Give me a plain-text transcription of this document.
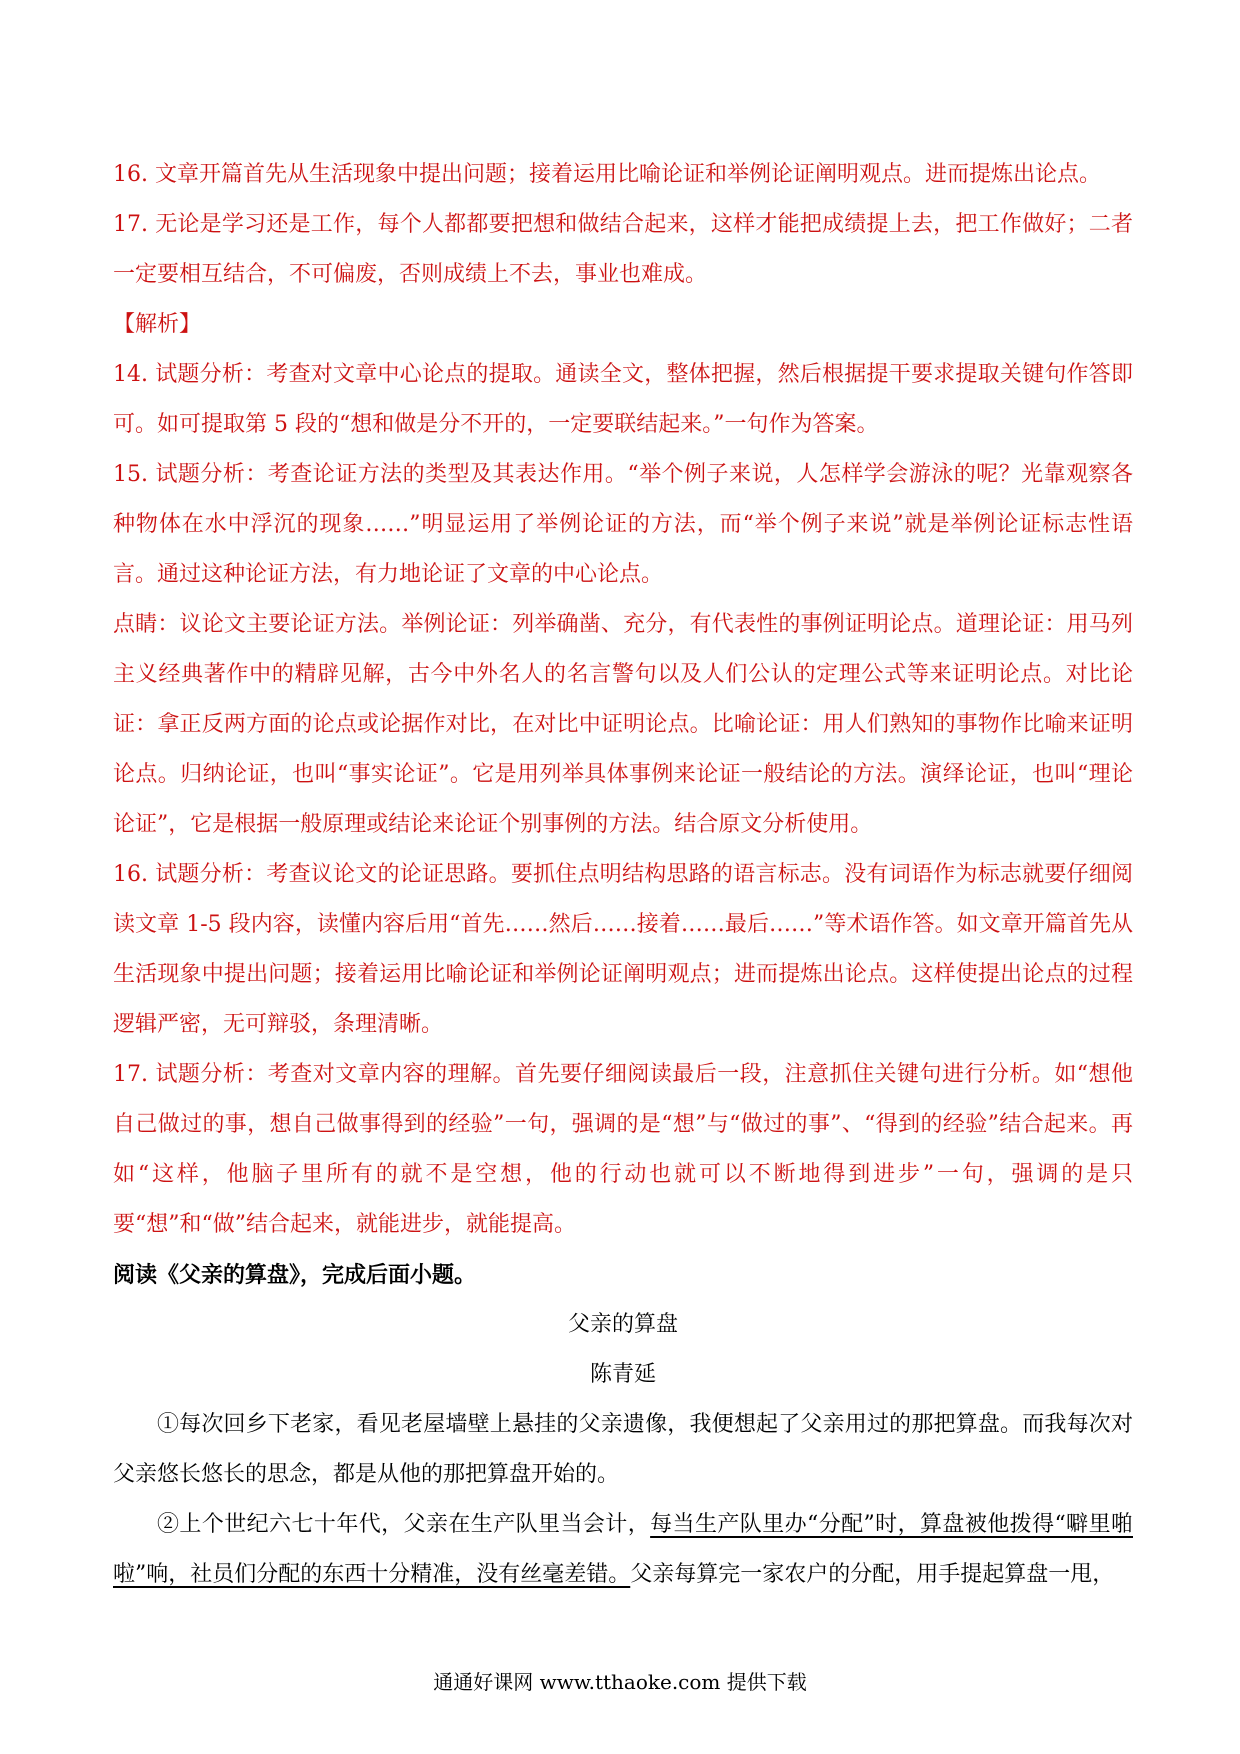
16. 文章开篇首先从生活现象中提出问题；接着运用比喻论证和举例论证阐明观点。进而提炼出论点。

17. 无论是学习还是工作，每个人都都要把想和做结合起来，这样才能把成绩提上去，把工作做好；二者一定要相互结合，不可偏废，否则成绩上不去，事业也难成。

【解析】

14. 试题分析：考查对文章中心论点的提取。通读全文，整体把握，然后根据提干要求提取关键句作答即可。如可提取第 5 段的“想和做是分不开的，一定要联结起来。”一句作为答案。

15. 试题分析：考查论证方法的类型及其表达作用。“举个例子来说，人怎样学会游泳的呢？光靠观察各种物体在水中浮沉的现象……”明显运用了举例论证的方法，而“举个例子来说”就是举例论证标志性语言。通过这种论证方法，有力地论证了文章的中心论点。

点睛：议论文主要论证方法。举例论证：列举确凿、充分，有代表性的事例证明论点。道理论证：用马列主义经典著作中的精辟见解，古今中外名人的名言警句以及人们公认的定理公式等来证明论点。对比论证：拿正反两方面的论点或论据作对比，在对比中证明论点。比喻论证：用人们熟知的事物作比喻来证明论点。归纳论证，也叫“事实论证”。它是用列举具体事例来论证一般结论的方法。演绎论证，也叫“理论论证”，它是根据一般原理或结论来论证个别事例的方法。结合原文分析使用。

16. 试题分析：考查议论文的论证思路。要抓住点明结构思路的语言标志。没有词语作为标志就要仔细阅读文章 1-5 段内容，读懂内容后用“首先……然后……接着……最后……”等术语作答。如文章开篇首先从生活现象中提出问题；接着运用比喻论证和举例论证阐明观点；进而提炼出论点。这样使提出论点的过程逻辑严密，无可辩驳，条理清晰。

17. 试题分析：考查对文章内容的理解。首先要仔细阅读最后一段，注意抓住关键句进行分析。如“想他自己做过的事，想自己做事得到的经验”一句，强调的是“想”与“做过的事”、“得到的经验”结合起来。再如“这样，他脑子里所有的就不是空想，他的行动也就可以不断地得到进步”一句，强调的是只要“想”和“做”结合起来，就能进步，就能提高。

阅读《父亲的算盘》，完成后面小题。

父亲的算盘

陈青延

①每次回乡下老家，看见老屋墙壁上悬挂的父亲遗像，我便想起了父亲用过的那把算盘。而我每次对父亲悠长悠长的思念，都是从他的那把算盘开始的。

②上个世纪六七十年代，父亲在生产队里当会计，每当生产队里办“分配”时，算盘被他拨得“噼里啪啦”响，社员们分配的东西十分精准，没有丝毫差错。父亲每算完一家农户的分配，用手提起算盘一甩，

通通好课网 www.tthaoke.com 提供下载
